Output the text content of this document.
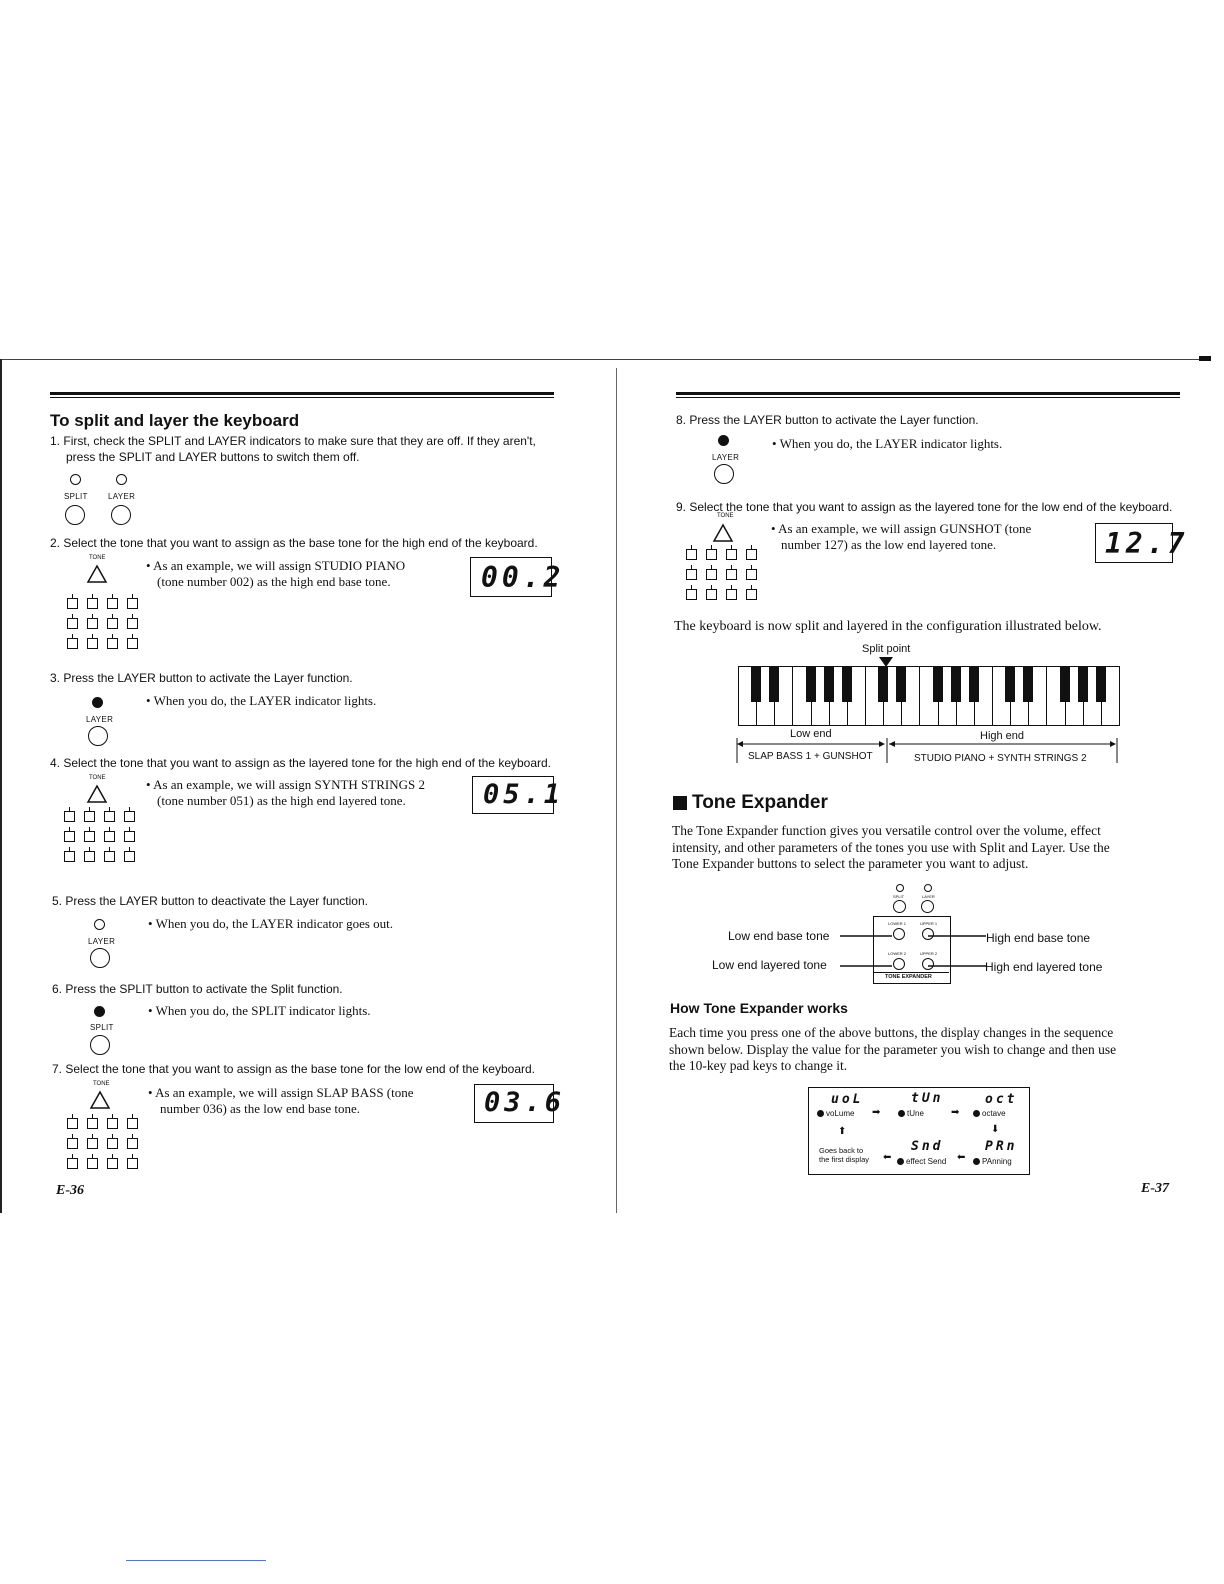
To split and layer the keyboard
1. First, check the SPLIT and LAYER indicators to make sure that they are off. If they aren't,
press the SPLIT and LAYER buttons to switch them off.
SPLIT	LAYER
2. Select the tone that you want to assign as the base tone for the high end of the keyboard.
TONE	• As an example, we will assign STUDIO PIANO
(tone number 002) as the high end base tone.	00.2
3. Press the LAYER button to activate the Layer function.
LAYER
• When you do, the LAYER indicator lights.
4. Select the tone that you want to assign as the layered tone for the high end of the keyboard.
TONE	• As an example, we will assign SYNTH STRINGS 2
(tone number 051) as the high end layered tone.	05.1
5. Press the LAYER button to deactivate the Layer function.
LAYER
• When you do, the LAYER indicator goes out.
6. Press the SPLIT button to activate the Split function.
SPLIT
• When you do, the SPLIT indicator lights.
7. Select the tone that you want to assign as the base tone for the low end of the keyboard.
TONE
• As an example, we will assign SLAP BASS (tone
number 036) as the low end base tone.	03.6
E-36
8. Press the LAYER button to activate the Layer function.
LAYER
• When you do, the LAYER indicator lights.
9. Select the tone that you want to assign as the layered tone for the low end of the keyboard.
TONE
• As an example, we will assign GUNSHOT (tone
number 127) as the low end layered tone.	12.7
The keyboard is now split and layered in the configuration illustrated below.
Split point
Low end	High end
SLAP BASS 1 + GUNSHOT	STUDIO PIANO + SYNTH STRINGS 2
Tone Expander
The Tone Expander function gives you versatile control over the volume, effect
intensity, and other parameters of the tones you use with Split and Layer. Use the
Tone Expander buttons to select the parameter you want to adjust.
SPLIT	LAYER
LOWER 1	UPPER 1
LOWER 2	UPPER 2
TONE EXPANDER
Low end base tone
Low end layered tone
High end base tone
High end layered tone
How Tone Expander works
Each time you press one of the above buttons, the display changes in the sequence
shown below. Display the value for the parameter you wish to change and then use
the 10-key pad keys to change it.
uoL	tUn	oct
voLume ➡	tUne	➡	octave
⬆	⬇
Snd	PRn
Goes back to
the first display ⬅ effect Send ⬅ PAnning
E-37
